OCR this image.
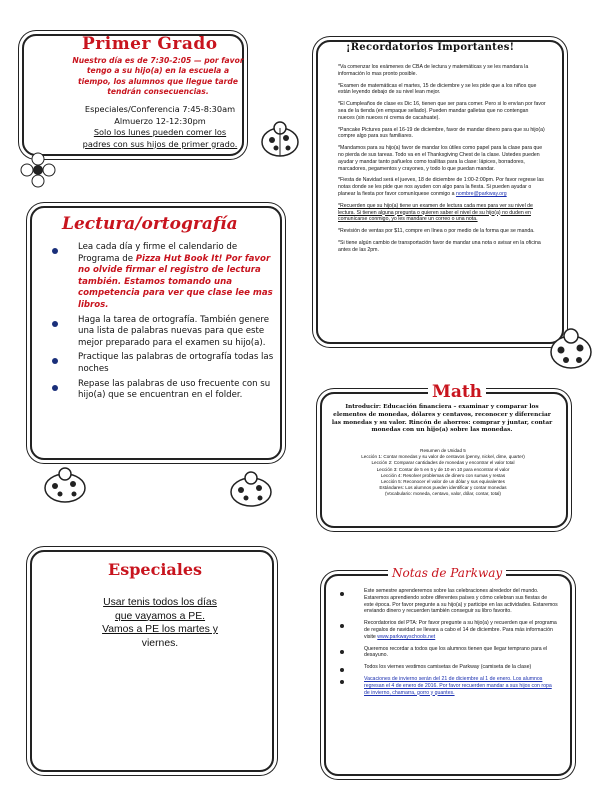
Primer Grado
Nuestro día es de 7:30-2:05 — por favor
tengo a su hijo(a) en la escuela a
tiempo, los alumnos que llegue tarde
tendrán consecuencias.
Especiales/Conferencia 7:45-8:30am
Almuerzo 12-12:30pm
Solo los lunes pueden comer los
padres con sus hijos de primer grado.
Lectura/ortografía
Lea cada día y firme el calendario de Programa de Pizza Hut Book It! Por favor no olvide firmar el registro de lectura también. Estamos tomando una competencia para ver que clase lee mas libros.
Haga la tarea de ortografía. También genere una lista de palabras nuevas para que este mejor preparado para el examen su hijo(a).
Practique las palabras de ortografía todas las noches
Repase las palabras de uso frecuente con su hijo(a) que se encuentran en el folder.
Especiales
Usar tenis todos los días
que vayamos a PE.
Vamos a PE los martes y
viernes.
¡Recordatorios Importantes!

*Va comenzar los exámenes de CBA de lectura y matemáticas y se les mandara la información lo mas pronto posible.

*Examen de matemáticas el martes, 15 de diciembre y se les pide que a los niños que están leyendo debajo de su nivel lean mejor.

*El Cumpleaños de clase es Dic 16, tienen que ser para comer. Pero si lo envían por favor sea de la tienda (en empaque sellado). Pueden mandar galletas que no contengan nueces (sin nueces ni crema de cacahuate).

*Pancake Pictures para el 16-19 de diciembre, favor de mandar dinero para que su hijo(a) compre algo para sus familiares.

*Mandamos para su hijo(a) favor de mandar los útiles como papel para la clase para que no pierda de sus tareas. Todo va en el Thanksgiving Chest de la clase. Ustedes pueden ayudar y mandar tanto pañuelos como toallitas para la clase: lápices, borradores, marcadores, pegamentos y crayones, y todo lo que puedan mandar.

*Fiesta de Navidad será el jueves, 18 de diciembre de 1:00-2:00pm. Por favor regrese las notas donde se les pide que nos ayuden con algo para la fiesta. Si pueden ayudar o planear la fiesta por favor comuníquese conmigo a nombre@parkway.org

*Recuerden que su hijo(a) tiene un examen de lectura cada mes para ver su nivel de lectura. Si tienen alguna pregunta o quieren saber el nivel de su hijo(a) no duden en comunicarse conmigo, yo les mandare un correo o una nota.

*Revisión de ventas por $11, compre en línea o por medio de la forma que se manda.

*Si tiene algún cambio de transportación favor de mandar una nota o avisar en la oficina antes de las 2pm.

Math
Introducir: Educación financiera – examinar y comparar los elementos de monedas, dólares y centavos, reconocer y diferenciar las monedas y su valor. Rincón de ahorros: comprar y juntar, contar monedas con un hijo(a) sobre las monedas.
Resumen de Unidad 5
Lección 1: Contar monedas y su valor de centavos (penny, nickel, dime, quarter)
Lección 2: Comparar cantidades de monedas y encontrar el valor total
Lección 3: Contar de 5 en 5 y de 10 en 10 para encontrar el valor
Lección 4: Resolver problemas de dinero con sumas y restas
Lección 5: Reconocer el valor de un dólar y sus equivalentes
Estándares: Los alumnos pueden identificar y contar monedas
(Vocabulario: moneda, centavo, valor, dólar, contar, total)
Notas de Parkway
Este semestre aprenderemos sobre las celebraciones alrededor del mundo. Estaremos aprendiendo sobre diferentes países y cómo celebran sus fiestas de este época. Por favor pregunte a su hijo(a) y participe en las actividades. Estaremos enviando dinero y recuerden también conseguir su libro favorito.
Recordatorios del PTA: Por favor pregunte a su hijo(a) y recuerden que el programa de regalos de navidad se llevara a cabo el 14 de diciembre. Para más información visite www.parkwayschools.net
Queremos recordar a todos que los alumnos tienen que llegar temprano para el desayuno.
Todos los viernes vestimos camisetas de Parkway (camiseta de la clase)
Vacaciones de invierno serán del 21 de diciembre al 1 de enero. Los alumnos regresan el 4 de enero de 2016. Por favor recuerden mandar a sus hijos con ropa de invierno, chamarra, gorro y guantes.
